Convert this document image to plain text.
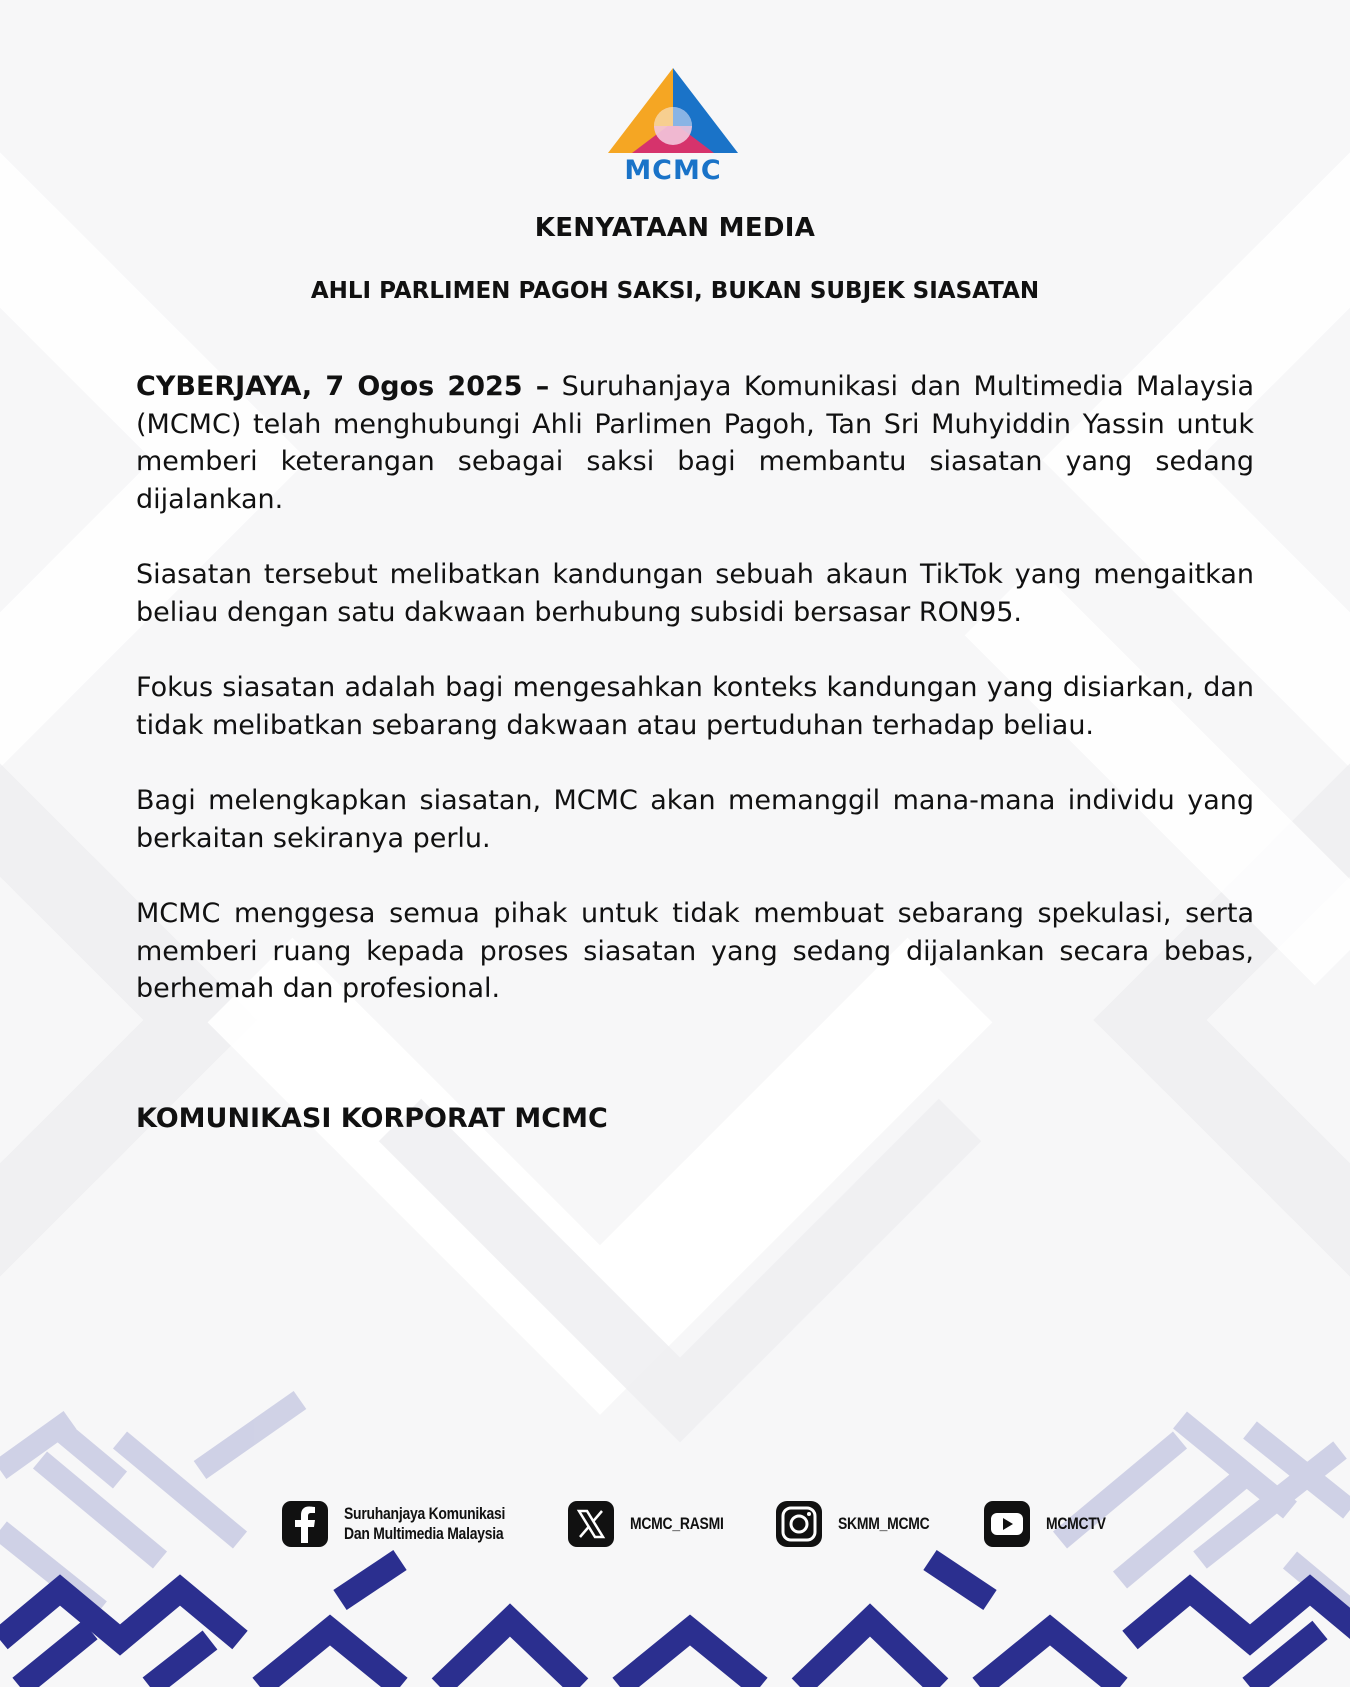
MCMC
KENYATAAN MEDIA
AHLI PARLIMEN PAGOH SAKSI, BUKAN SUBJEK SIASATAN

CYBERJAYA, 7 Ogos 2025 – Suruhanjaya Komunikasi dan Multimedia Malaysia (MCMC) telah menghubungi Ahli Parlimen Pagoh, Tan Sri Muhyiddin Yassin untuk memberi keterangan sebagai saksi bagi membantu siasatan yang sedang dijalankan.

Siasatan tersebut melibatkan kandungan sebuah akaun TikTok yang mengaitkan beliau dengan satu dakwaan berhubung subsidi bersasar RON95.

Fokus siasatan adalah bagi mengesahkan konteks kandungan yang disiarkan, dan tidak melibatkan sebarang dakwaan atau pertuduhan terhadap beliau.

Bagi melengkapkan siasatan, MCMC akan memanggil mana-mana individu yang berkaitan sekiranya perlu.

MCMC menggesa semua pihak untuk tidak membuat sebarang spekulasi, serta memberi ruang kepada proses siasatan yang sedang dijalankan secara bebas, berhemah dan profesional.

KOMUNIKASI KORPORAT MCMC
Suruhanjaya Komunikasi
Dan Multimedia Malaysia
MCMC_RASMI	SKMM_MCMC	MCMCTV
